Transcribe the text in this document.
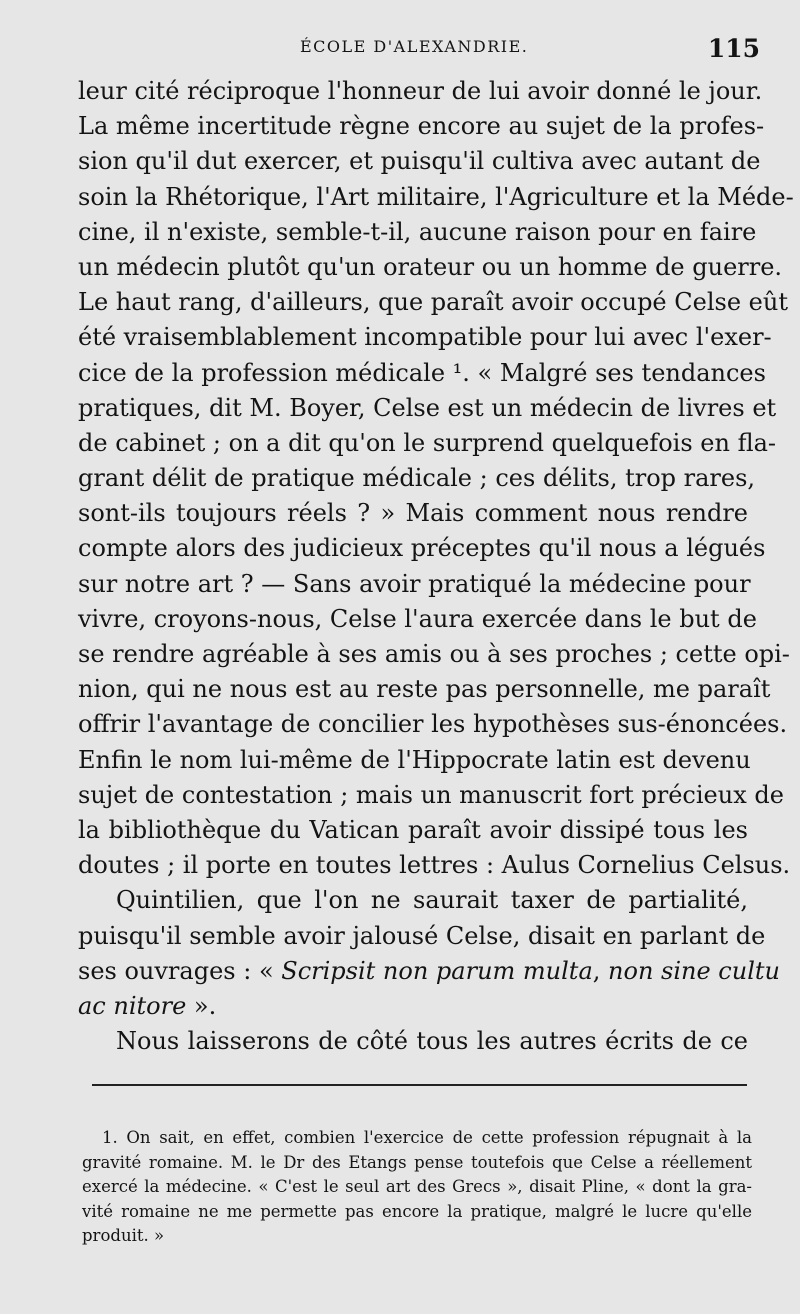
ÉCOLE D'ALEXANDRIE.	115
leur cité réciproque l'honneur de lui avoir donné le jour.
La même incertitude règne encore au sujet de la profes-
sion qu'il dut exercer, et puisqu'il cultiva avec autant de
soin la Rhétorique, l'Art militaire, l'Agriculture et la Méde-
cine, il n'existe, semble-t-il, aucune raison pour en faire
un médecin plutôt qu'un orateur ou un homme de guerre.
Le haut rang, d'ailleurs, que paraît avoir occupé Celse eût
été vraisemblablement incompatible pour lui avec l'exer-
cice de la profession médicale ¹. « Malgré ses tendances
pratiques, dit M. Boyer, Celse est un médecin de livres et
de cabinet ; on a dit qu'on le surprend quelquefois en fla-
grant délit de pratique médicale ; ces délits, trop rares,
sont-ils toujours réels ? » Mais comment nous rendre
compte alors des judicieux préceptes qu'il nous a légués
sur notre art ? — Sans avoir pratiqué la médecine pour
vivre, croyons-nous, Celse l'aura exercée dans le but de
se rendre agréable à ses amis ou à ses proches ; cette opi-
nion, qui ne nous est au reste pas personnelle, me paraît
offrir l'avantage de concilier les hypothèses sus-énoncées.
Enfin le nom lui-même de l'Hippocrate latin est devenu
sujet de contestation ; mais un manuscrit fort précieux de
la bibliothèque du Vatican paraît avoir dissipé tous les
doutes ; il porte en toutes lettres : Aulus Cornelius Celsus.
Quintilien, que l'on ne saurait taxer de partialité,
puisqu'il semble avoir jalousé Celse, disait en parlant de
ses ouvrages : « Scripsit non parum multa, non sine cultu
ac nitore ».
Nous laisserons de côté tous les autres écrits de ce
1. On sait, en effet, combien l'exercice de cette profession répugnait à la
gravité romaine. M. le Dr des Etangs pense toutefois que Celse a réellement
exercé la médecine. « C'est le seul art des Grecs », disait Pline, « dont la gra-
vité romaine ne me permette pas encore la pratique, malgré le lucre qu'elle
produit. »
